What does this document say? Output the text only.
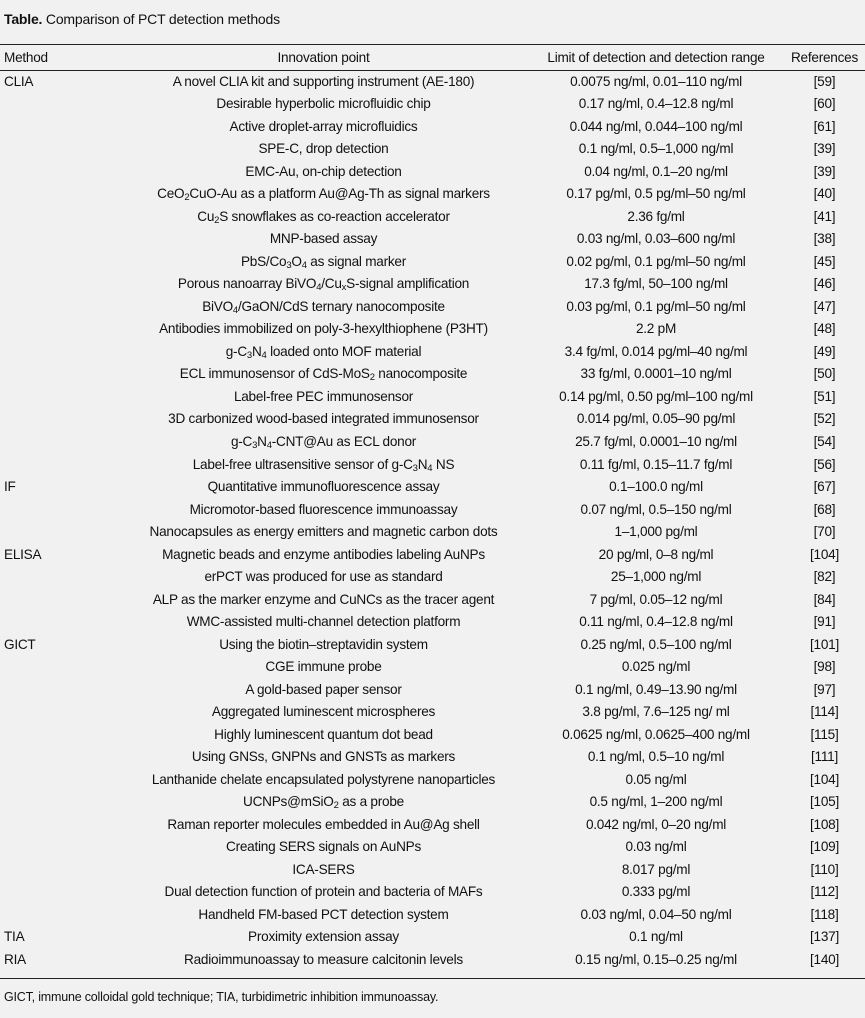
Table. Comparison of PCT detection methods
Method	Innovation point	Limit of detection and detection range	References
CLIA	A novel CLIA kit and supporting instrument (AE-180)	0.0075 ng/ml, 0.01–110 ng/ml	[59]
	Desirable hyperbolic microfluidic chip	0.17 ng/ml, 0.4–12.8 ng/ml	[60]
	Active droplet-array microfluidics	0.044 ng/ml, 0.044–100 ng/ml	[61]
	SPE-C, drop detection	0.1 ng/ml, 0.5–1,000 ng/ml	[39]
	EMC-Au, on-chip detection	0.04 ng/ml, 0.1–20 ng/ml	[39]
	CeO$_2$CuO-Au as a platform Au@Ag-Th as signal markers	0.17 pg/ml, 0.5 pg/ml–50 ng/ml	[40]
	$Cu_2S$ snowflakes as co-reaction accelerator	2.36 fg/ml	[41]
	MNP-based assay	0.03 ng/ml, 0.03–600 ng/ml	[38]
	PbS/$Co_3O_4$ as signal marker	0.02 pg/ml, 0.1 pg/ml–50 ng/ml	[45]
	Porous nanoarray $BiVO_4/Cu_xS$-signal amplification	17.3 fg/ml, 50–100 ng/ml	[46]
	BiVO$_4$/GaON/CdS ternary nanocomposite	0.03 pg/ml, 0.1 pg/ml–50 ng/ml	[47]
	Antibodies immobilized on poly-3-hexylthiophene (P3HT)	2.2 pM	[48]
	$g-C_3N_4$ loaded onto MOF material	3.4 fg/ml, 0.014 pg/ml–40 ng/ml	[49]
	ECL immunosensor of CdS-MoS$_2$ nanocomposite	33 fg/ml, 0.0001–10 ng/ml	[50]
	Label-free PEC immunosensor	0.14 pg/ml, 0.50 pg/ml–100 ng/ml	[51]
	3D carbonized wood-based integrated immunosensor	0.014 pg/ml, 0.05–90 pg/ml	[52]
	$g-C_3N_4-CNT@Au$ as ECL donor	25.7 fg/ml, 0.0001–10 ng/ml	[54]
	Label-free ultrasensitive sensor of $g-C_3N_4$ NS	0.11 fg/ml, 0.15–11.7 fg/ml	[56]
IF	Quantitative immunofluorescence assay	0.1–100.0 ng/ml	[67]
	Micromotor-based fluorescence immunoassay	0.07 ng/ml, 0.5–150 ng/ml	[68]
	Nanocapsules as energy emitters and magnetic carbon dots	1–1,000 pg/ml	[70]
ELISA	Magnetic beads and enzyme antibodies labeling AuNPs	20 pg/ml, 0–8 ng/ml	[104]
	erPCT was produced for use as standard	25–1,000 ng/ml	[82]
	ALP as the marker enzyme and CuNCs as the tracer agent	7 pg/ml, 0.05–12 ng/ml	[84]
	WMC-assisted multi-channel detection platform	0.11 ng/ml, 0.4–12.8 ng/ml	[91]
GICT	Using the biotin–streptavidin system	0.25 ng/ml, 0.5–100 ng/ml	[101]
	CGE immune probe	0.025 ng/ml	[98]
	A gold-based paper sensor	0.1 ng/ml, 0.49–13.90 ng/ml	[97]
	Aggregated luminescent microspheres	3.8 pg/ml, 7.6–125 ng/ ml	[114]
	Highly luminescent quantum dot bead	0.0625 ng/ml, 0.0625–400 ng/ml	[115]
	Using GNSs, GNPNs and GNSTs as markers	0.1 ng/ml, 0.5–10 ng/ml	[111]
	Lanthanide chelate encapsulated polystyrene nanoparticles	0.05 ng/ml	[104]
	UCNPs@mSiO$_2$ as a probe	0.5 ng/ml, 1–200 ng/ml	[105]
	Raman reporter molecules embedded in Au@Ag shell	0.042 ng/ml, 0–20 ng/ml	[108]
	Creating SERS signals on AuNPs	0.03 ng/ml	[109]
	ICA-SERS	8.017 pg/ml	[110]
	Dual detection function of protein and bacteria of MAFs	0.333 pg/ml	[112]
	Handheld FM-based PCT detection system	0.03 ng/ml, 0.04–50 ng/ml	[118]
TIA	Proximity extension assay	0.1 ng/ml	[137]
RIA	Radioimmunoassay to measure calcitonin levels	0.15 ng/ml, 0.15–0.25 ng/ml	[140]
GICT, immune colloidal gold technique; TIA, turbidimetric inhibition immunoassay.
